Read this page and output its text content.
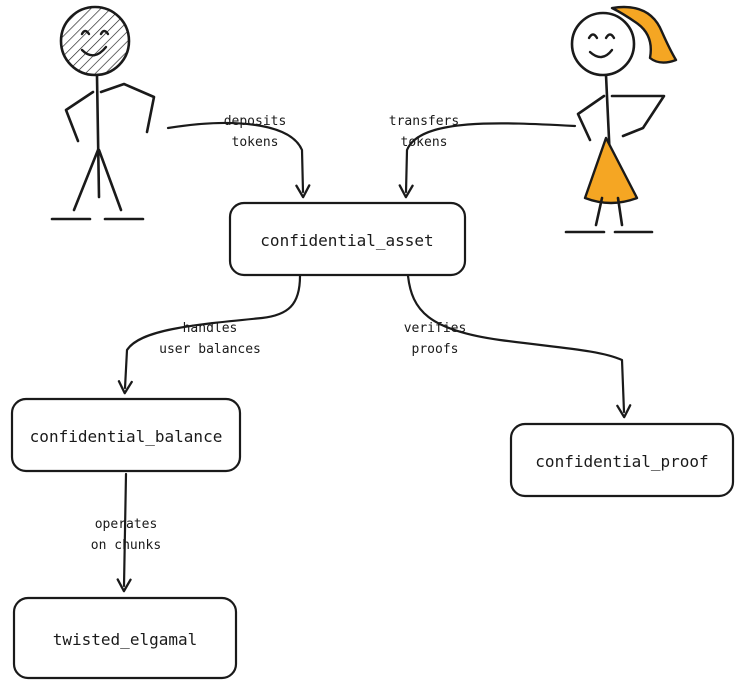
deposits
tokens
transfers
tokens
handles
user balances
verifies
proofs
operates
on chunks
confidential_asset
confidential_balance
confidential_proof
twisted_elgamal
